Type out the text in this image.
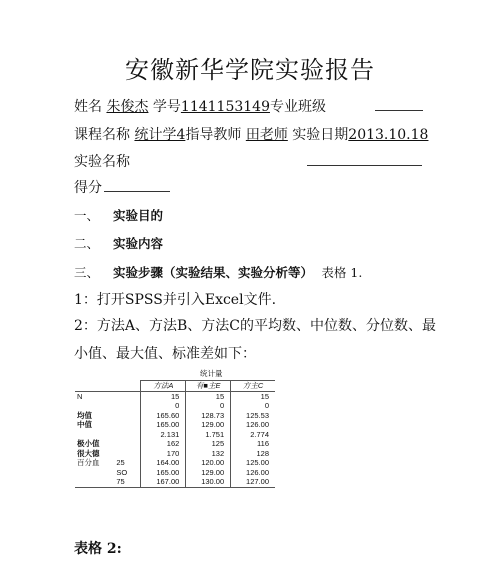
安徽新华学院实验报告
姓名 朱俊杰 学号1141153149专业班级
课程名称 统计学4指导教师 田老师 实验日期2013.10.18
实验名称
得分
一、 实验目的
二、 实验内容
三、 实验步骤（实验结果、实验分析等） 表格 1.
1：打开SPSS并引入Excel文件.
2：方法A、方法B、方法C的平均数、中位数、分位数、最
小值、最大值、标准差如下：
统计量
		方法A	有■主E	方主C
N		15	15	15
		0	0	0
均值		165.60	128.73	125.53
中值		165.00	129.00	126.00
		2.131	1.751	2.774
极小值		162	125	116
很大德		170	132	128
百分血	25	164.00	120.00	125.00
	SO	165.00	129.00	126.00
	75	167.00	130.00	127.00
表格 2:
